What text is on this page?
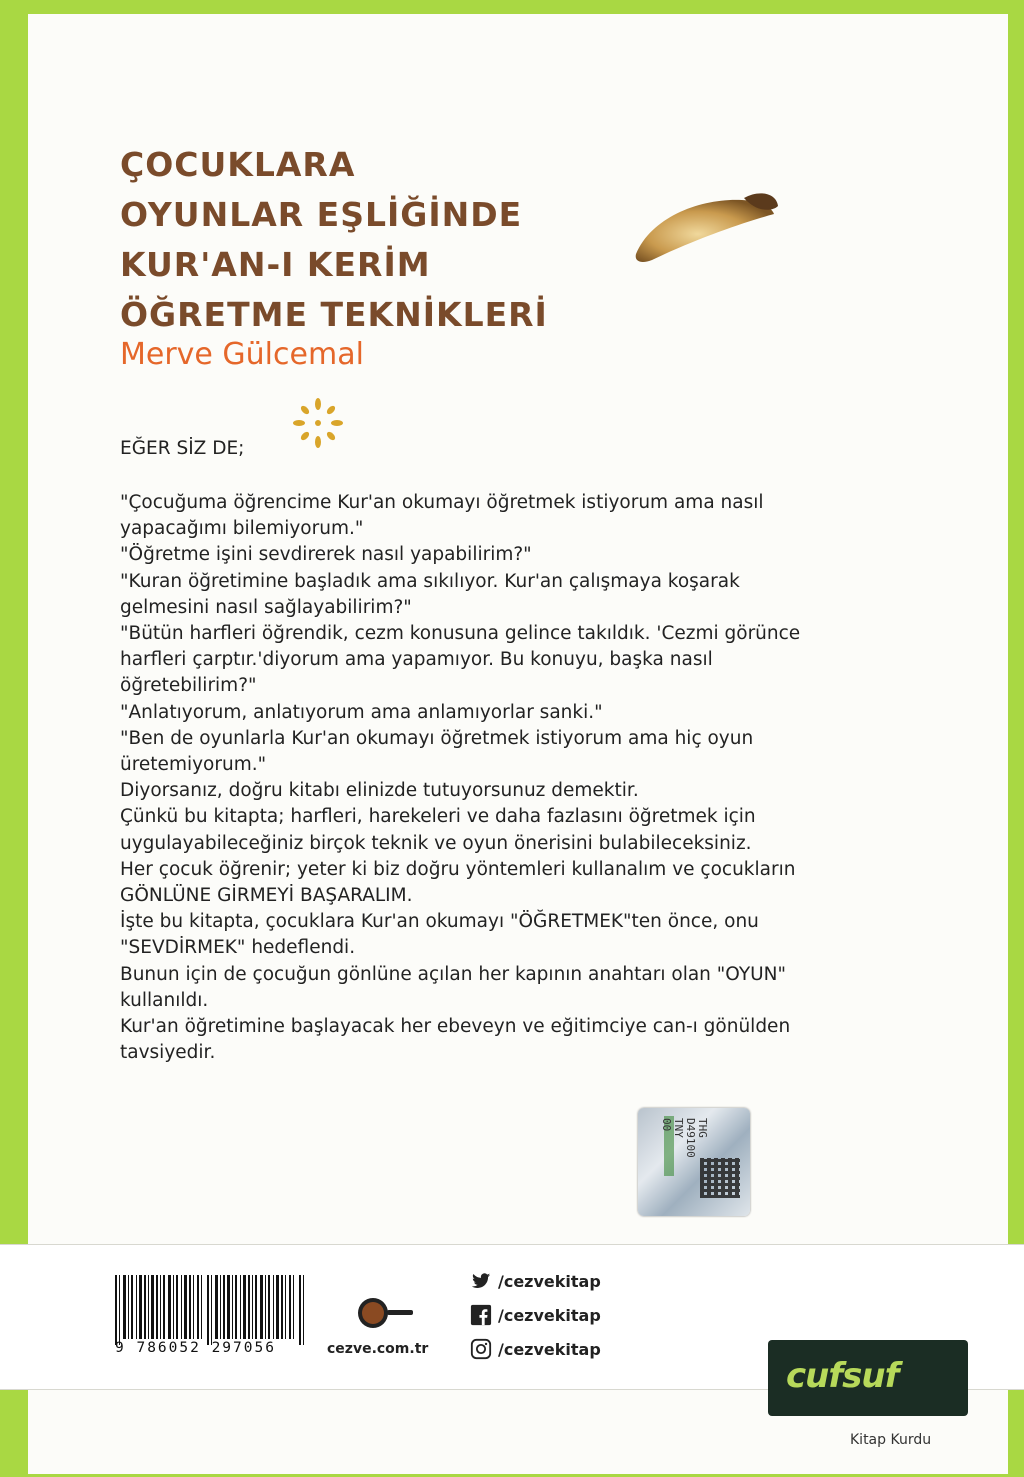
ÇOCUKLARA
OYUNLAR EŞLİĞİNDE
KUR'AN-I KERİM
ÖĞRETME TEKNİKLERİ
Merve Gülcemal
EĞER SİZ DE;

"Çocuğuma öğrencime Kur'an okumayı öğretmek istiyorum ama nasıl

yapacağımı bilemiyorum."

"Öğretme işini sevdirerek nasıl yapabilirim?"

"Kuran öğretimine başladık ama sıkılıyor. Kur'an çalışmaya koşarak

gelmesini nasıl sağlayabilirim?"

"Bütün harfleri öğrendik, cezm konusuna gelince takıldık. 'Cezmi görünce

harfleri çarptır.'diyorum ama yapamıyor. Bu konuyu, başka nasıl

öğretebilirim?"

"Anlatıyorum, anlatıyorum ama anlamıyorlar sanki."

"Ben de oyunlarla Kur'an okumayı öğretmek istiyorum ama hiç oyun

üretemiyorum."

Diyorsanız, doğru kitabı elinizde tutuyorsunuz demektir.

Çünkü bu kitapta; harfleri, harekeleri ve daha fazlasını öğretmek için

uygulayabileceğiniz birçok teknik ve oyun önerisini bulabileceksiniz.

Her çocuk öğrenir; yeter ki biz doğru yöntemleri kullanalım ve çocukların

GÖNLÜNE GİRMEYİ BAŞARALIM.

İşte bu kitapta, çocuklara Kur'an okumayı "ÖĞRETMEK"ten önce, onu

"SEVDİRMEK" hedeflendi.

Bunun için de çocuğun gönlüne açılan her kapının anahtarı olan "OYUN"

kullanıldı.

Kur'an öğretimine başlayacak her ebeveyn ve eğitimciye can-ı gönülden

tavsiyedir.

THG
D49100
TNY
00
9 786052 297056	cezve.com.tr
/cezvekitap
/cezvekitap
/cezvekitap
cufsuf
Kitap Kurdu
